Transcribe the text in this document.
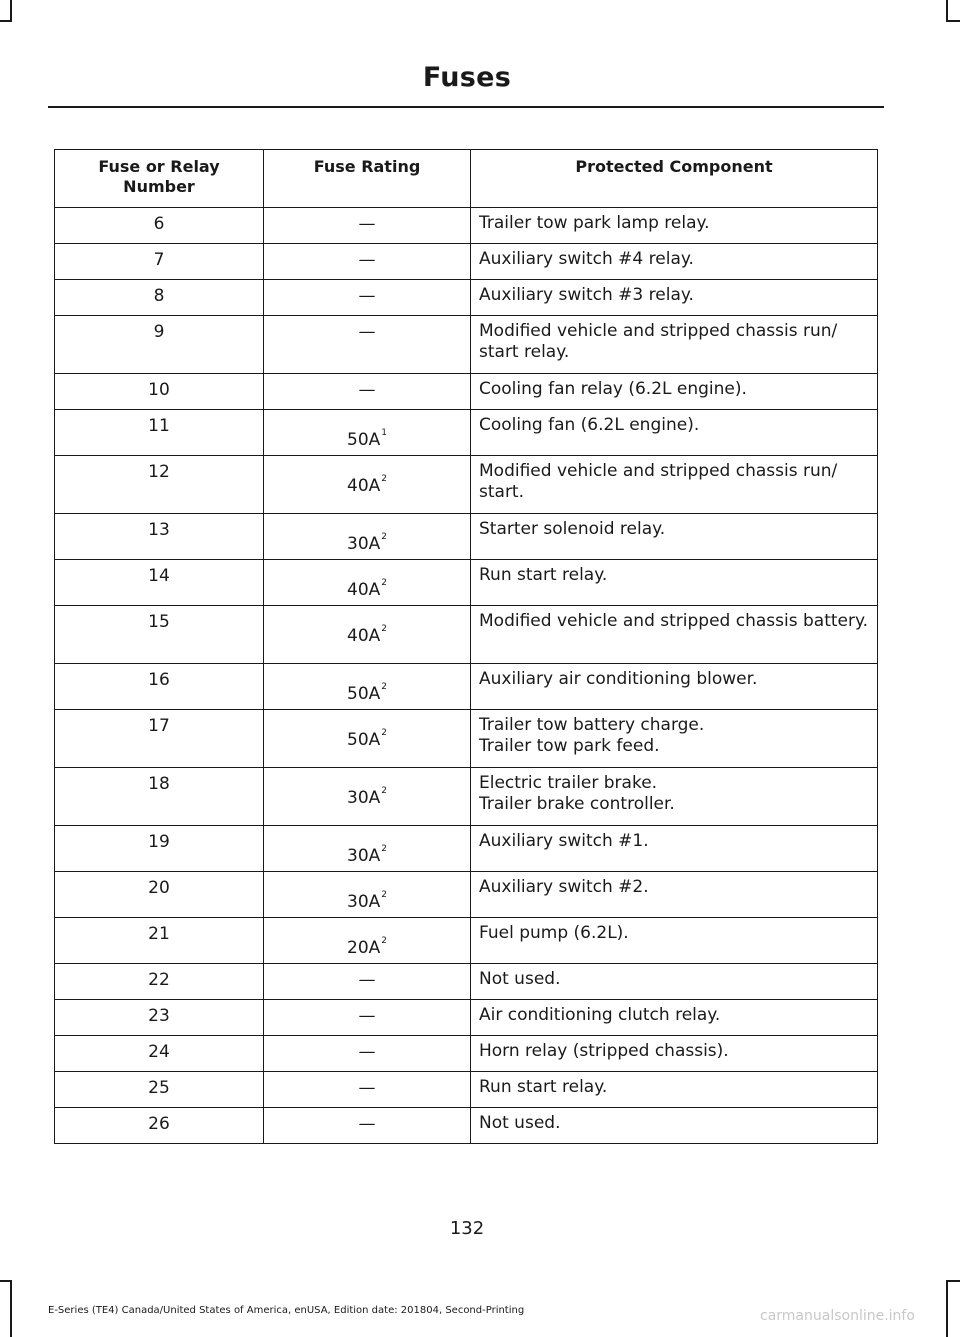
Fuses
Fuse or Relay Number	Fuse Rating	Protected Component
6	—	Trailer tow park lamp relay.

7	—	Auxiliary switch #4 relay.

8	—	Auxiliary switch #3 relay.

9	—	Modified vehicle and stripped chassis run/ start relay.

10	—	Cooling fan relay (6.2L engine).

11	$50A^1$	Cooling fan (6.2L engine).

12	$40A^2$	Modified vehicle and stripped chassis run/ start.

13	$30A^2$	Starter solenoid relay.

14	$40A^2$	Run start relay.

15	$40A^2$	Modified vehicle and stripped chassis battery.

16	$50A^2$	Auxiliary air conditioning blower.

17	$50A^2$	Trailer tow battery charge.
Trailer tow park feed.

18	$30A^2$	Electric trailer brake.
Trailer brake controller.

19	$30A^2$	Auxiliary switch #1.

20	$30A^2$	Auxiliary switch #2.

21	$20A^2$	Fuel pump (6.2L).

22	—	Not used.

23	—	Air conditioning clutch relay.

24	—	Horn relay (stripped chassis).

25	—	Run start relay.

26	—	Not used.
132
E-Series (TE4) Canada/United States of America, enUSA, Edition date: 201804, Second-Printing	carmanualsonline.info
